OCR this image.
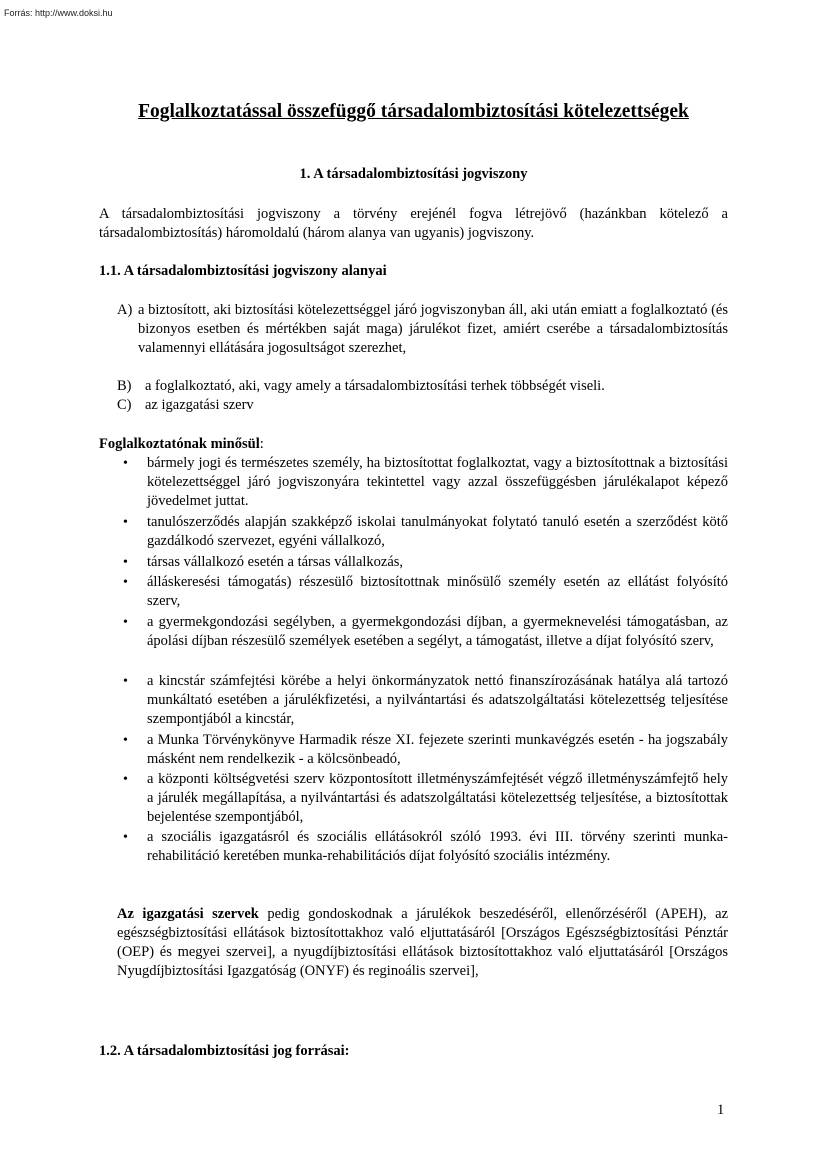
Forrás: http://www.doksi.hu
Foglalkoztatással összefüggő társadalombiztosítási kötelezettségek
1. A társadalombiztosítási jogviszony
A társadalombiztosítási jogviszony a törvény erejénél fogva létrejövő (hazánkban kötelező a társadalombiztosítás) háromoldalú (három alanya van ugyanis) jogviszony.
1.1. A társadalombiztosítási jogviszony alanyai
A) a biztosított, aki biztosítási kötelezettséggel járó jogviszonyban áll, aki után emiatt a foglalkoztató (és bizonyos esetben és mértékben saját maga) járulékot fizet, amiért cserébe a társadalombiztosítás valamennyi ellátására jogosultságot szerezhet,
B) a foglalkoztató, aki, vagy amely a társadalombiztosítási terhek többségét viseli.
C) az igazgatási szerv
Foglalkoztatónak minősül:
• bármely jogi és természetes személy, ha biztosítottat foglalkoztat, vagy a biztosítottnak a biztosítási kötelezettséggel járó jogviszonyára tekintettel vagy azzal összefüggésben járulékalapot képező jövedelmet juttat.
• tanulószerződés alapján szakképző iskolai tanulmányokat folytató tanuló esetén a szerződést kötő gazdálkodó szervezet, egyéni vállalkozó,
• társas vállalkozó esetén a társas vállalkozás,
• álláskeresési támogatás) részesülő biztosítottnak minősülő személy esetén az ellátást folyósító szerv,
• a gyermekgondozási segélyben, a gyermekgondozási díjban, a gyermeknevelési támogatásban, az ápolási díjban részesülő személyek esetében a segélyt, a támogatást, illetve a díjat folyósító szerv,
• a kincstár számfejtési körébe a helyi önkormányzatok nettó finanszírozásának hatálya alá tartozó munkáltató esetében a járulékfizetési, a nyilvántartási és adatszolgáltatási kötelezettség teljesítése szempontjából a kincstár,
• a Munka Törvénykönyve Harmadik része XI. fejezete szerinti munkavégzés esetén - ha jogszabály másként nem rendelkezik - a kölcsönbeadó,
• a központi költségvetési szerv központosított illetményszámfejtését végző illetményszámfejtő hely a járulék megállapítása, a nyilvántartási és adatszolgáltatási kötelezettség teljesítése, a biztosítottak bejelentése szempontjából,
• a szociális igazgatásról és szociális ellátásokról szóló 1993. évi III. törvény szerinti munka-rehabilitáció keretében munka-rehabilitációs díjat folyósító szociális intézmény.
Az igazgatási szervek pedig gondoskodnak a járulékok beszedéséről, ellenőrzéséről (APEH), az egészségbiztosítási ellátások biztosítottakhoz való eljuttatásáról [Országos Egészségbiztosítási Pénztár (OEP) és megyei szervei], a nyugdíjbiztosítási ellátások biztosítottakhoz való eljuttatásáról [Országos Nyugdíjbiztosítási Igazgatóság (ONYF) és reginoális szervei],
1.2. A társadalombiztosítási jog forrásai:
1
